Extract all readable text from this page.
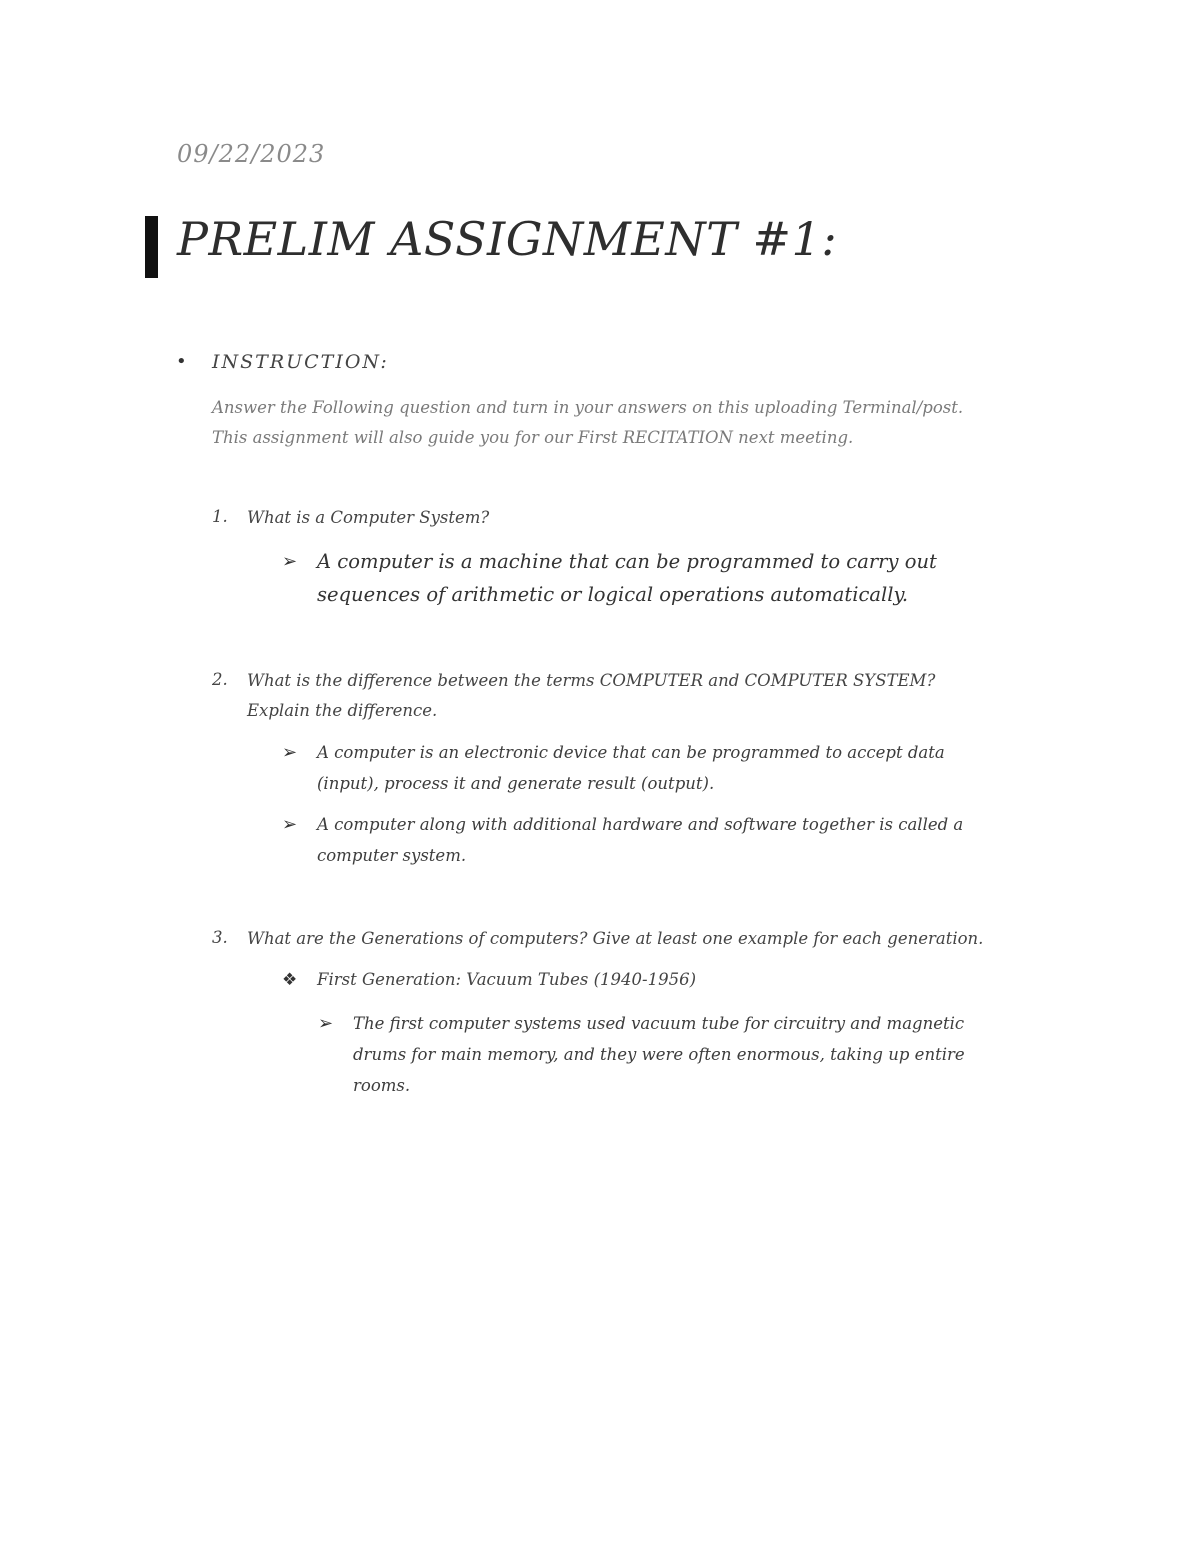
09/22/2023
PRELIM ASSIGNMENT #1:
• INSTRUCTION:
Answer the Following question and turn in your answers on this uploading Terminal/post.
This assignment will also guide you for our First RECITATION next meeting.
1. What is a Computer System?
➢ A computer is a machine that can be programmed to carry out
sequences of arithmetic or logical operations automatically.
2. What is the difference between the terms COMPUTER and COMPUTER SYSTEM?
Explain the difference.
➢ A computer is an electronic device that can be programmed to accept data
(input), process it and generate result (output).
➢ A computer along with additional hardware and software together is called a
computer system.
3. What are the Generations of computers? Give at least one example for each generation.
❖ First Generation: Vacuum Tubes (1940-1956)
➢ The first computer systems used vacuum tube for circuitry and magnetic
drums for main memory, and they were often enormous, taking up entire
rooms.
